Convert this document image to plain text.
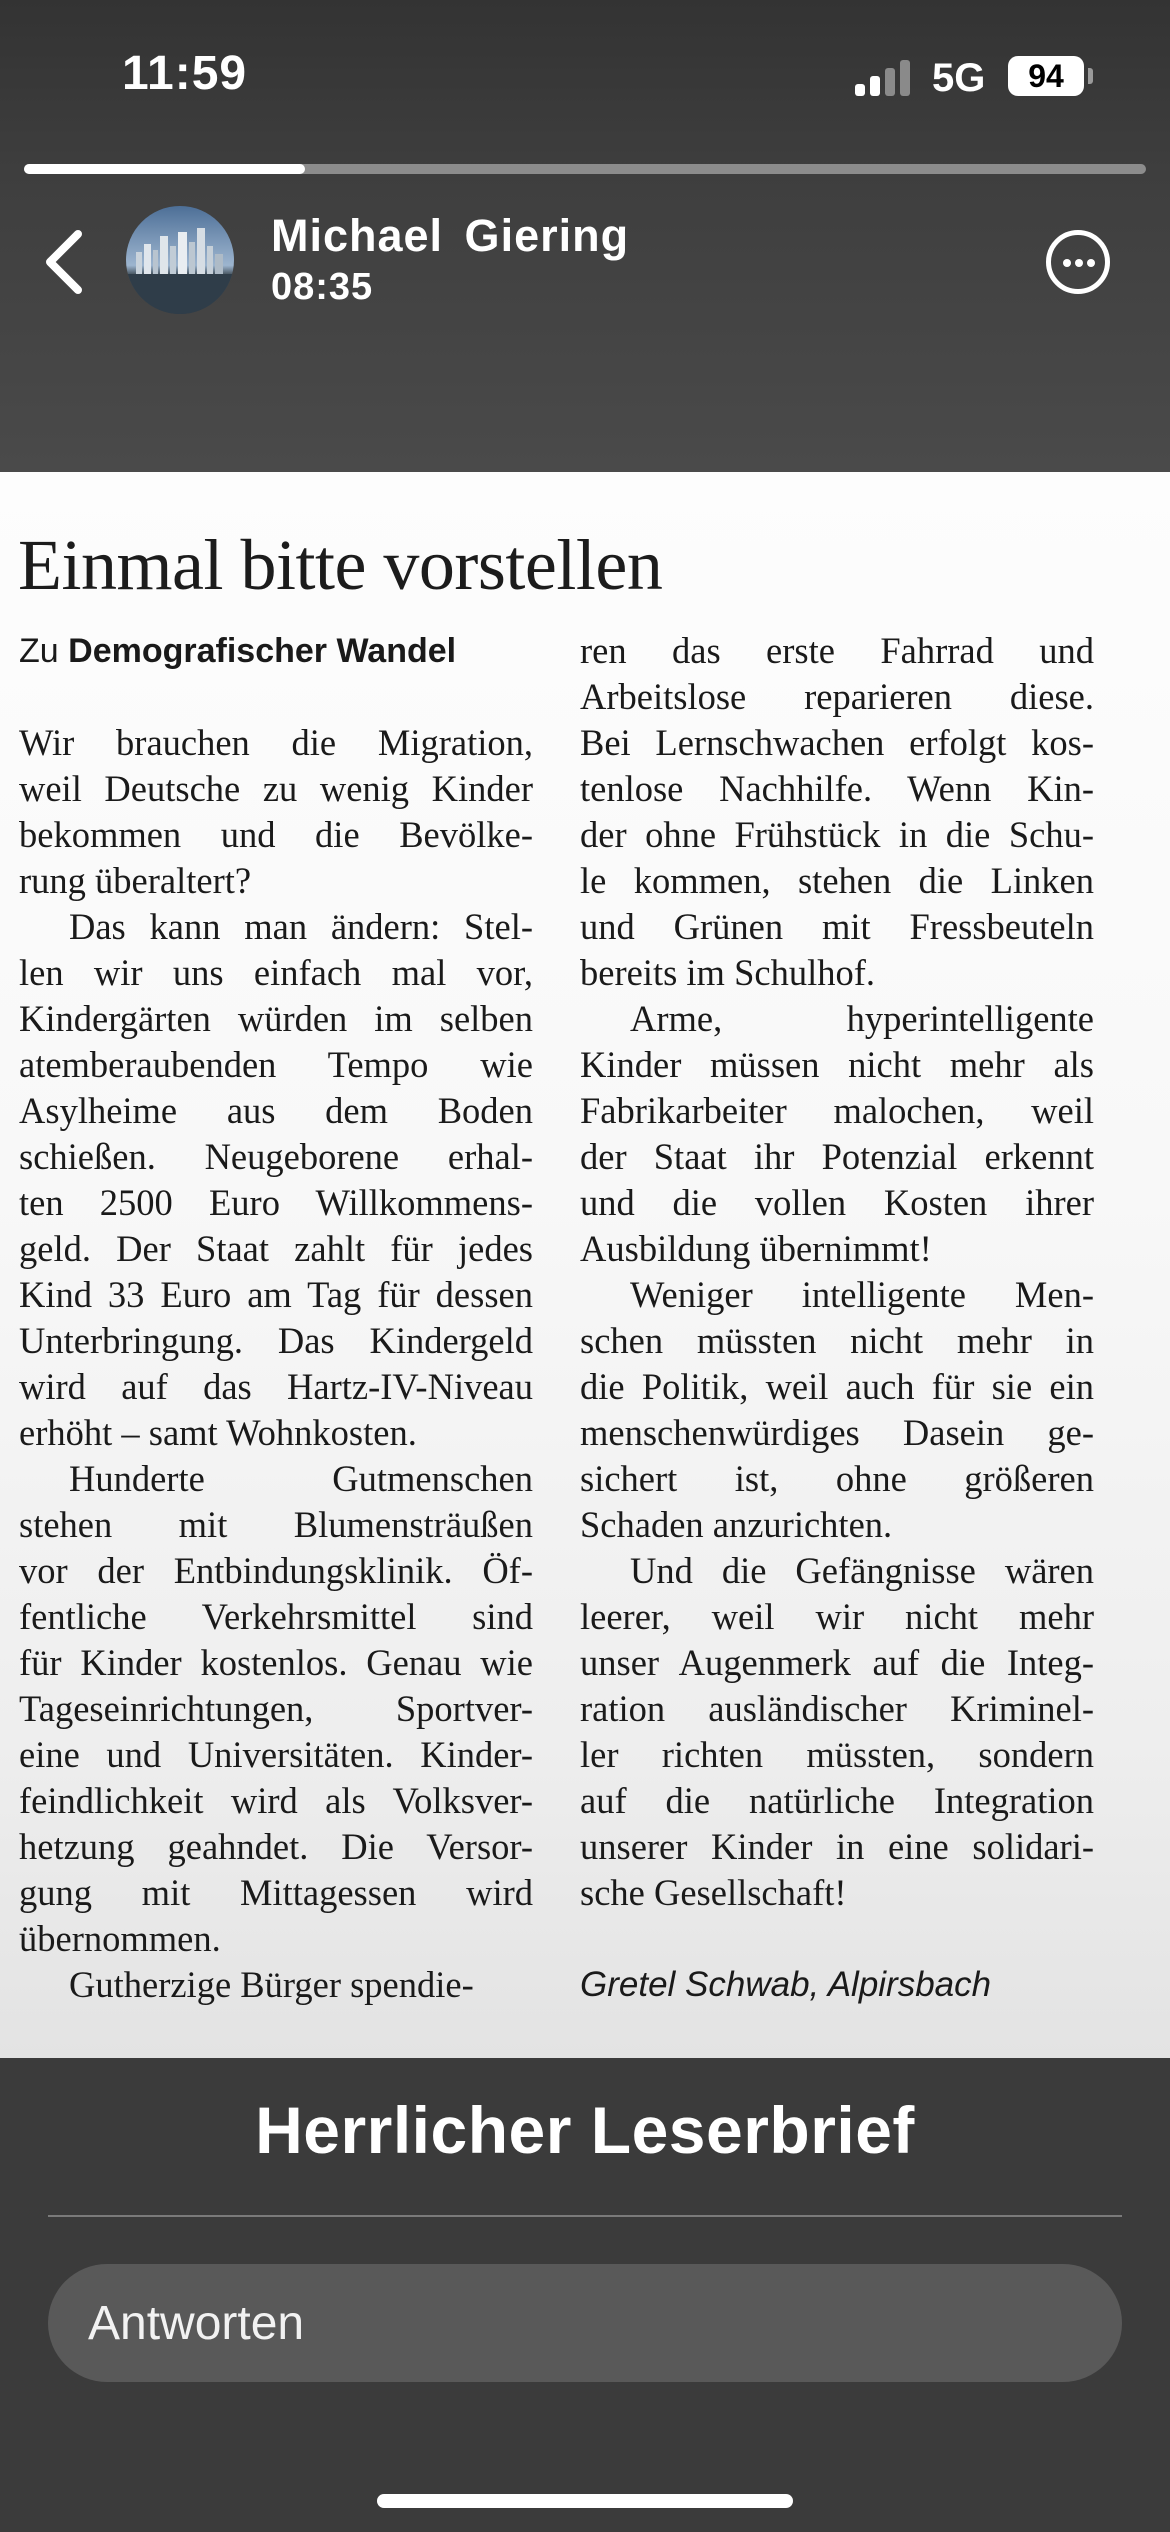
11:59	5G	94
Michael Giering
08:35
Einmal bitte vorstellen
Zu Demografischer Wandel
Wir brauchen die Migration,
weil Deutsche zu wenig Kinder
bekommen und die Bevölke-
rung überaltert?
Das kann man ändern: Stel-
len wir uns einfach mal vor,
Kindergärten würden im selben
atemberaubenden Tempo wie
Asylheime aus dem Boden
schießen. Neugeborene erhal-
ten 2500 Euro Willkommens-
geld. Der Staat zahlt für jedes
Kind 33 Euro am Tag für dessen
Unterbringung. Das Kindergeld
wird auf das Hartz-IV-Niveau
erhöht – samt Wohnkosten.
Hunderte Gutmenschen
stehen mit Blumensträußen
vor der Entbindungsklinik. Öf-
fentliche Verkehrsmittel sind
für Kinder kostenlos. Genau wie
Tageseinrichtungen, Sportver-
eine und Universitäten. Kinder-
feindlichkeit wird als Volksver-
hetzung geahndet. Die Versor-
gung mit Mittagessen wird
übernommen.
Gutherzige Bürger spendie-
ren das erste Fahrrad und
Arbeitslose reparieren diese.
Bei Lernschwachen erfolgt kos-
tenlose Nachhilfe. Wenn Kin-
der ohne Frühstück in die Schu-
le kommen, stehen die Linken
und Grünen mit Fressbeuteln
bereits im Schulhof.
Arme, hyperintelligente
Kinder müssen nicht mehr als
Fabrikarbeiter malochen, weil
der Staat ihr Potenzial erkennt
und die vollen Kosten ihrer
Ausbildung übernimmt!
Weniger intelligente Men-
schen müssten nicht mehr in
die Politik, weil auch für sie ein
menschenwürdiges Dasein ge-
sichert ist, ohne größeren
Schaden anzurichten.
Und die Gefängnisse wären
leerer, weil wir nicht mehr
unser Augenmerk auf die Integ-
ration ausländischer Kriminel-
ler richten müssten, sondern
auf die natürliche Integration
unserer Kinder in eine solidari-
sche Gesellschaft!
Gretel Schwab, Alpirsbach
Herrlicher Leserbrief
Antworten
